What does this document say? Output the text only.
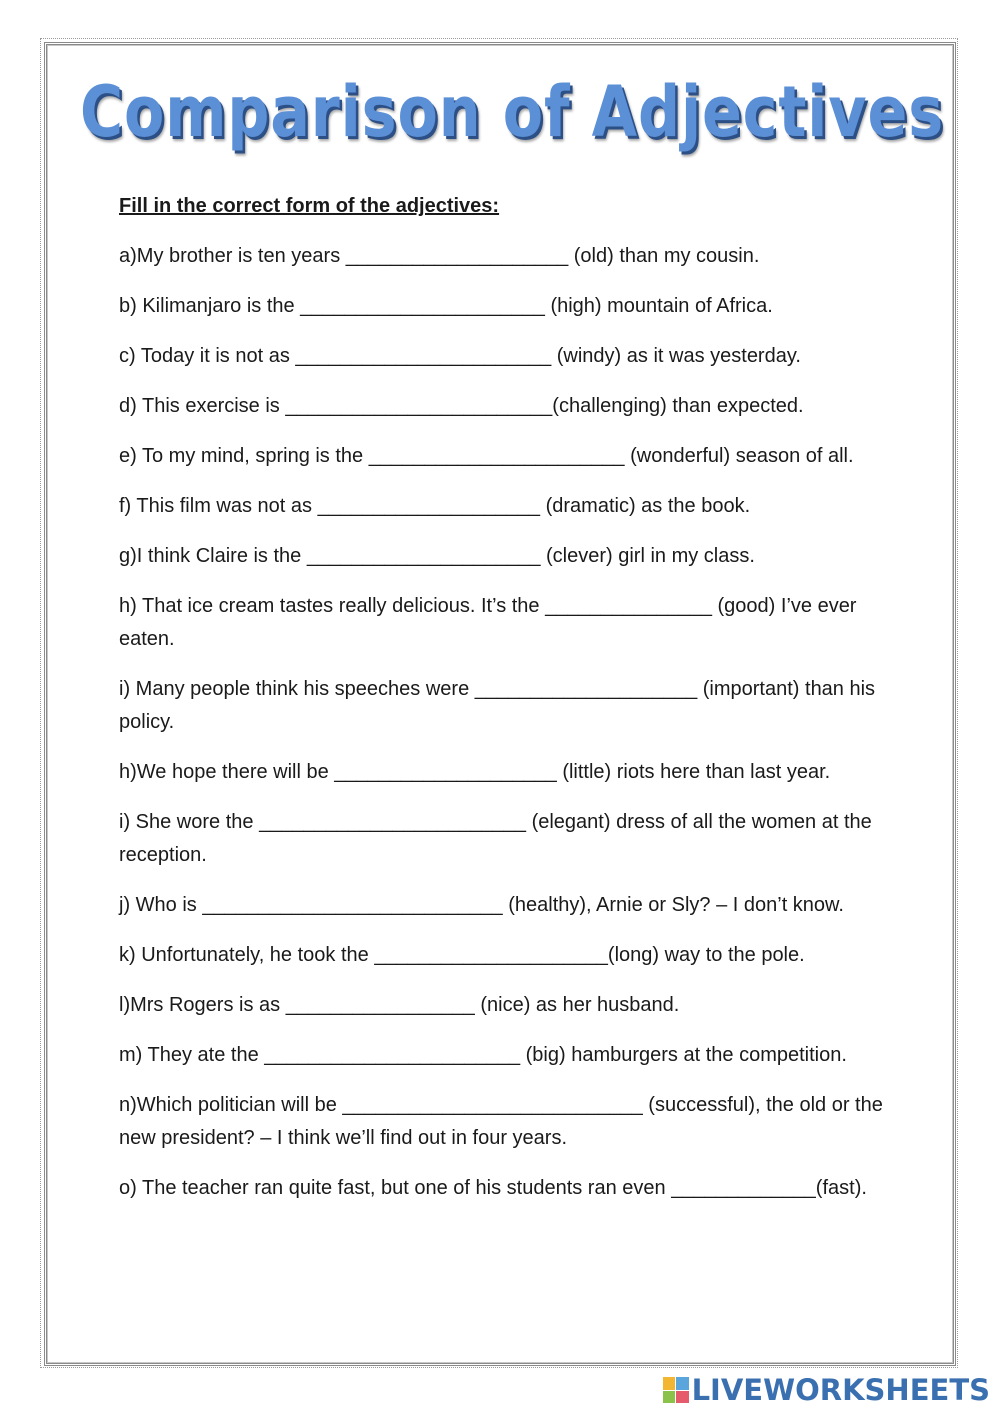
Comparison of Adjectives
Fill in the correct form of the adjectives:
a)My brother is ten years ____________________ (old) than my cousin.
b) Kilimanjaro is the ______________________ (high) mountain of Africa.
c) Today it is not as _______________________ (windy) as it was yesterday.
d) This exercise is ________________________(challenging) than expected.
e) To my mind, spring is the _______________________ (wonderful) season of all.
f) This film was not as ____________________ (dramatic) as the book.
g)I think Claire is the _____________________ (clever) girl in my class.
h) That ice cream tastes really delicious. It’s the _______________ (good) I’ve ever eaten.
i) Many people think his speeches were ____________________ (important) than his policy.
h)We hope there will be ____________________ (little) riots here than last year.
i) She wore the ________________________ (elegant) dress of all the women at the reception.
j) Who is ___________________________ (healthy), Arnie or Sly? – I don’t know.
k) Unfortunately, he took the _____________________(long) way to the pole.
l)Mrs Rogers is as _________________ (nice) as her husband.
m) They ate the _______________________ (big) hamburgers at the competition.
n)Which politician will be ___________________________ (successful), the old or the new president? – I think we’ll find out in four years.
o) The teacher ran quite fast, but one of his students ran even _____________(fast).
LIVEWORKSHEETS
